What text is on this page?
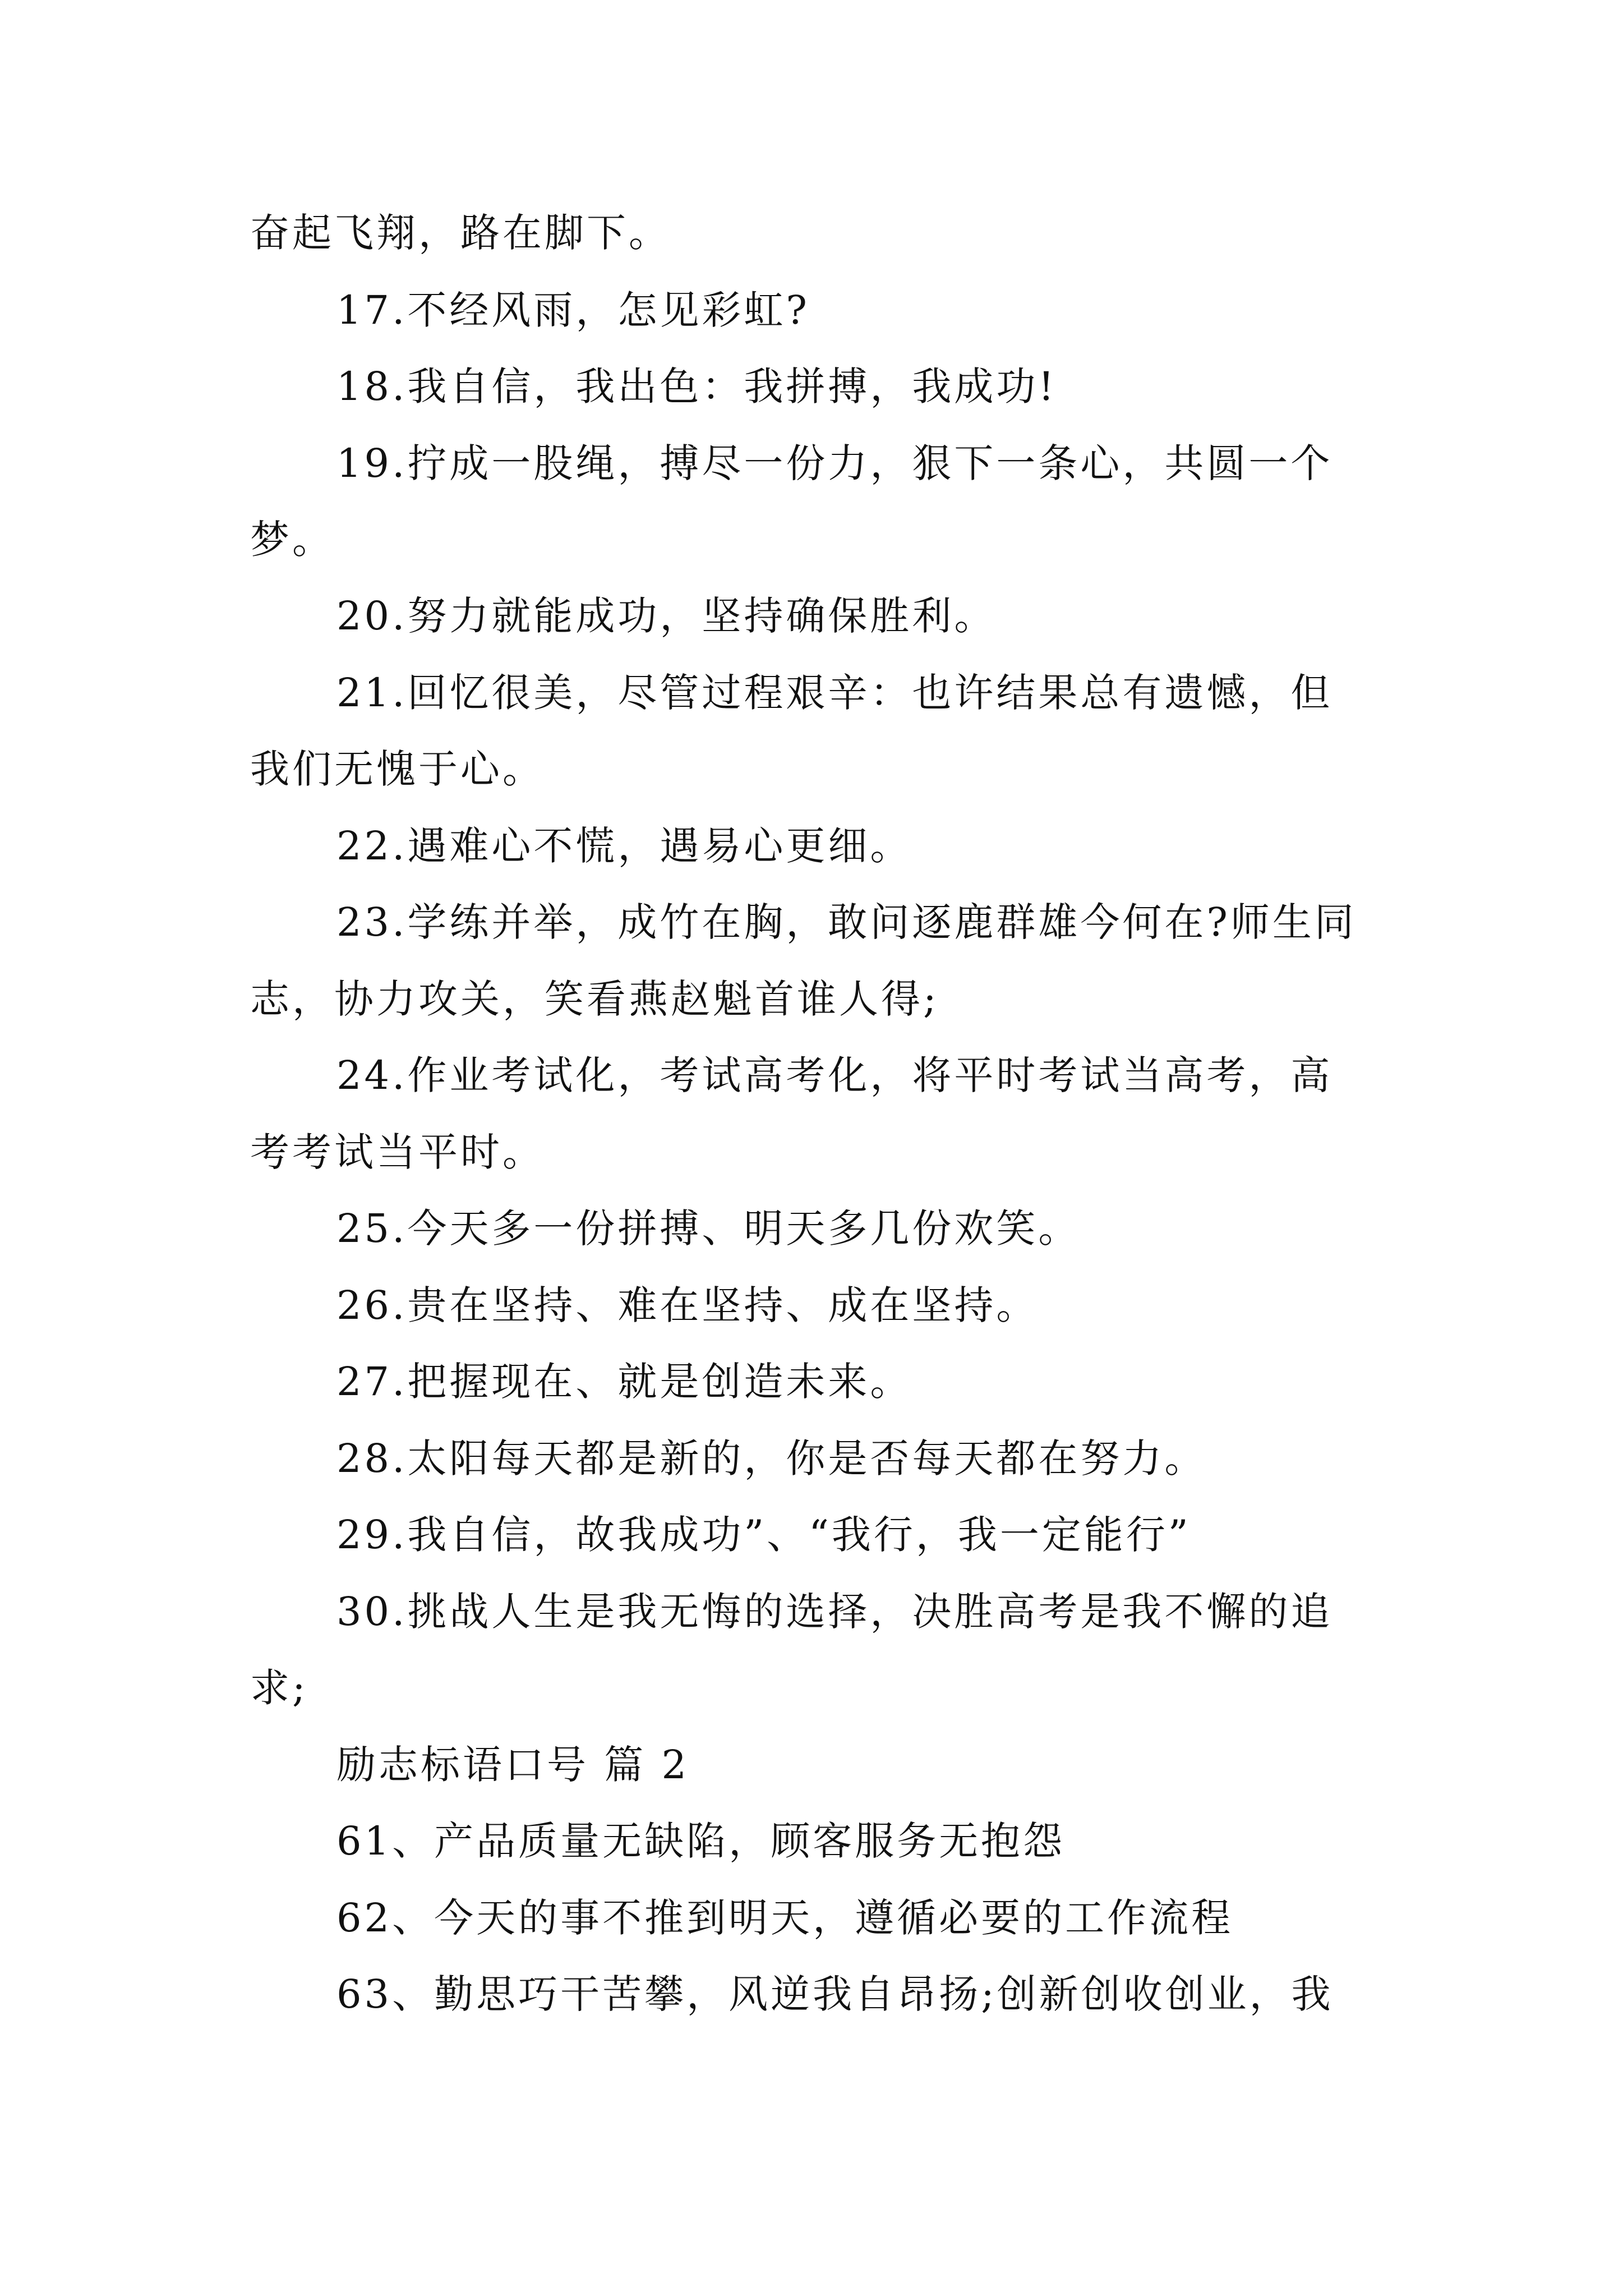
奋起飞翔，路在脚下。

17.不经风雨，怎见彩虹?

18.我自信，我出色：我拼搏，我成功!

19.拧成一股绳，搏尽一份力，狠下一条心，共圆一个

梦。

20.努力就能成功，坚持确保胜利。

21.回忆很美，尽管过程艰辛：也许结果总有遗憾，但

我们无愧于心。

22.遇难心不慌，遇易心更细。

23.学练并举，成竹在胸，敢问逐鹿群雄今何在?师生同

志，协力攻关，笑看燕赵魁首谁人得;

24.作业考试化，考试高考化，将平时考试当高考，高

考考试当平时。

25.今天多一份拼搏、明天多几份欢笑。

26.贵在坚持、难在坚持、成在坚持。

27.把握现在、就是创造未来。

28.太阳每天都是新的，你是否每天都在努力。

29.我自信，故我成功”、“我行，我一定能行”

30.挑战人生是我无悔的选择，决胜高考是我不懈的追

求;

励志标语口号 篇 2

61、产品质量无缺陷，顾客服务无抱怨

62、今天的事不推到明天，遵循必要的工作流程

63、勤思巧干苦攀，风逆我自昂扬;创新创收创业，我
